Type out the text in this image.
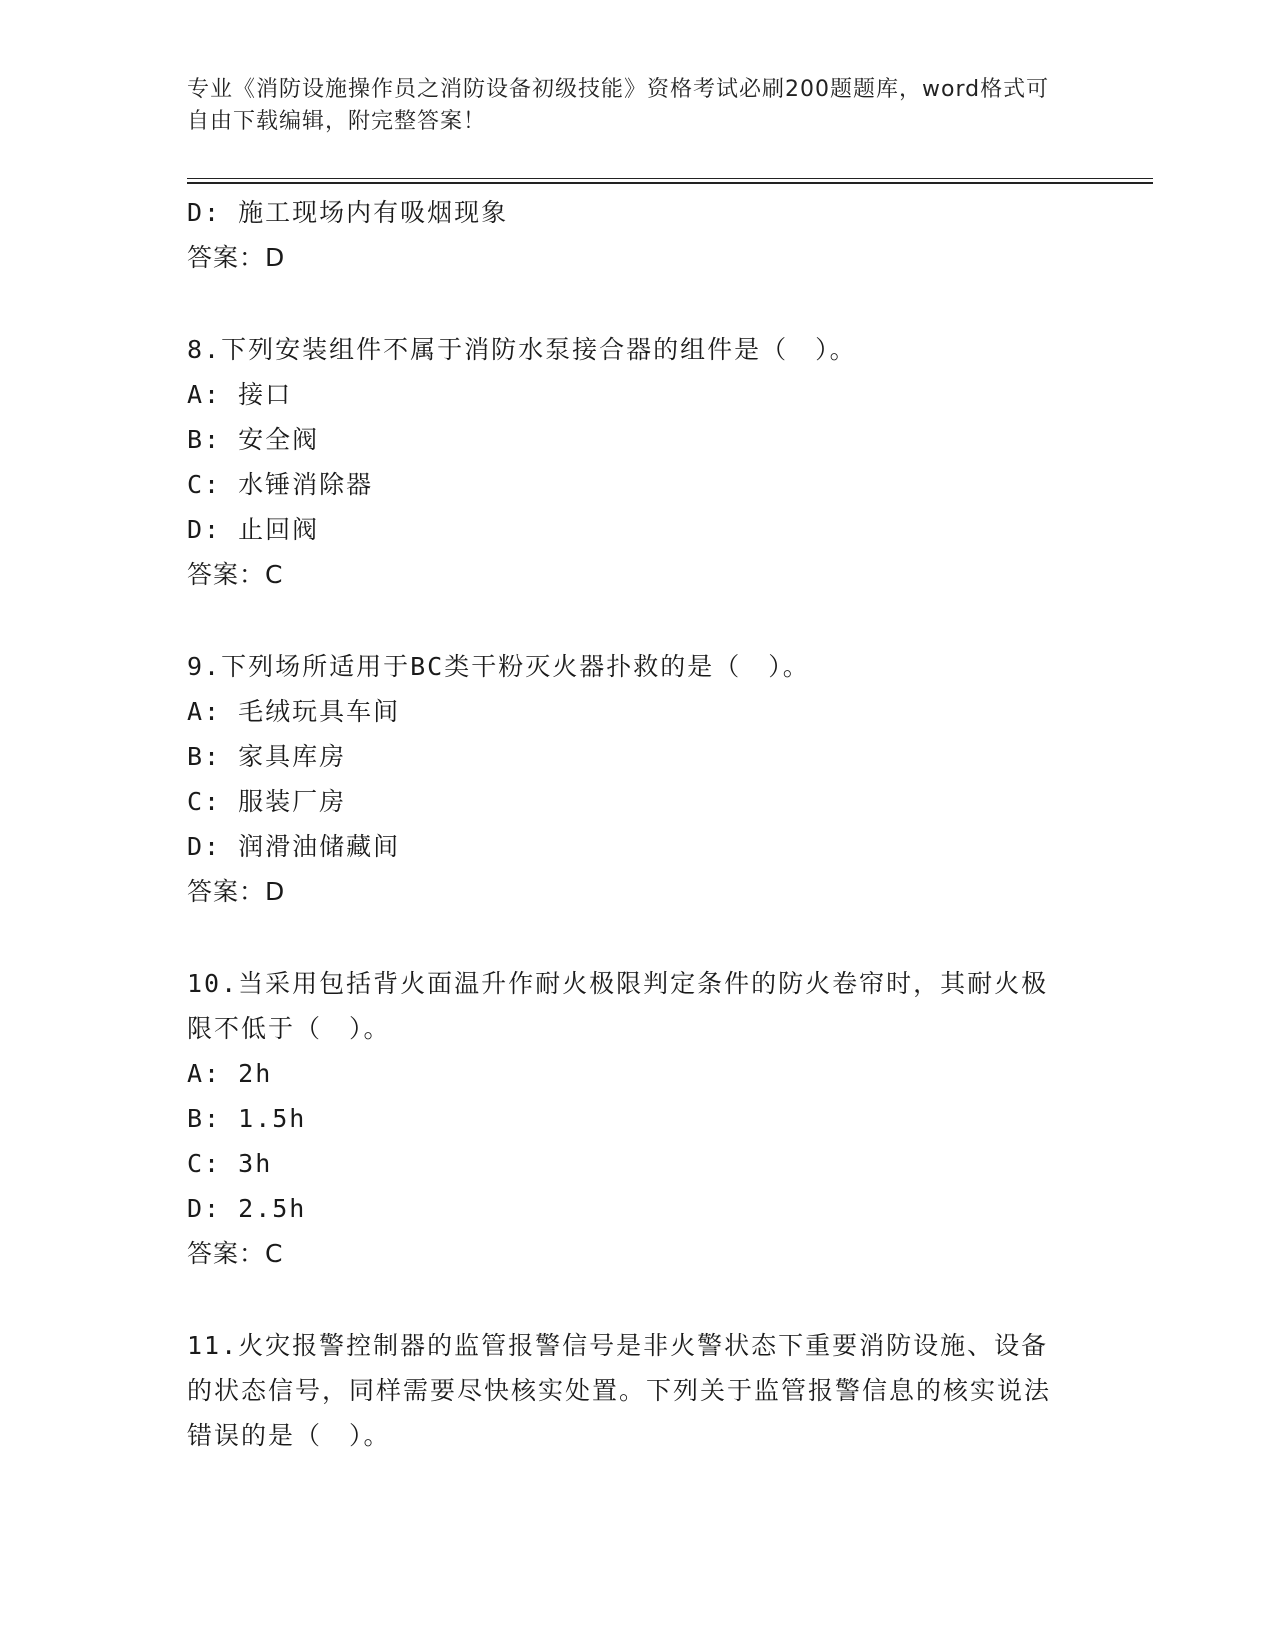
专业《消防设施操作员之消防设备初级技能》资格考试必刷200题题库，word格式可自由下载编辑，附完整答案！
D: 施工现场内有吸烟现象
答案：D
8.下列安装组件不属于消防水泵接合器的组件是（　）。
A: 接口
B: 安全阀
C: 水锤消除器
D: 止回阀
答案：C
9.下列场所适用于BC类干粉灭火器扑救的是（　）。
A: 毛绒玩具车间
B: 家具库房
C: 服装厂房
D: 润滑油储藏间
答案：D
10.当采用包括背火面温升作耐火极限判定条件的防火卷帘时，其耐火极限不低于（　）。
A: 2h
B: 1.5h
C: 3h
D: 2.5h
答案：C
11.火灾报警控制器的监管报警信号是非火警状态下重要消防设施、设备的状态信号，同样需要尽快核实处置。下列关于监管报警信息的核实说法错误的是（　）。
